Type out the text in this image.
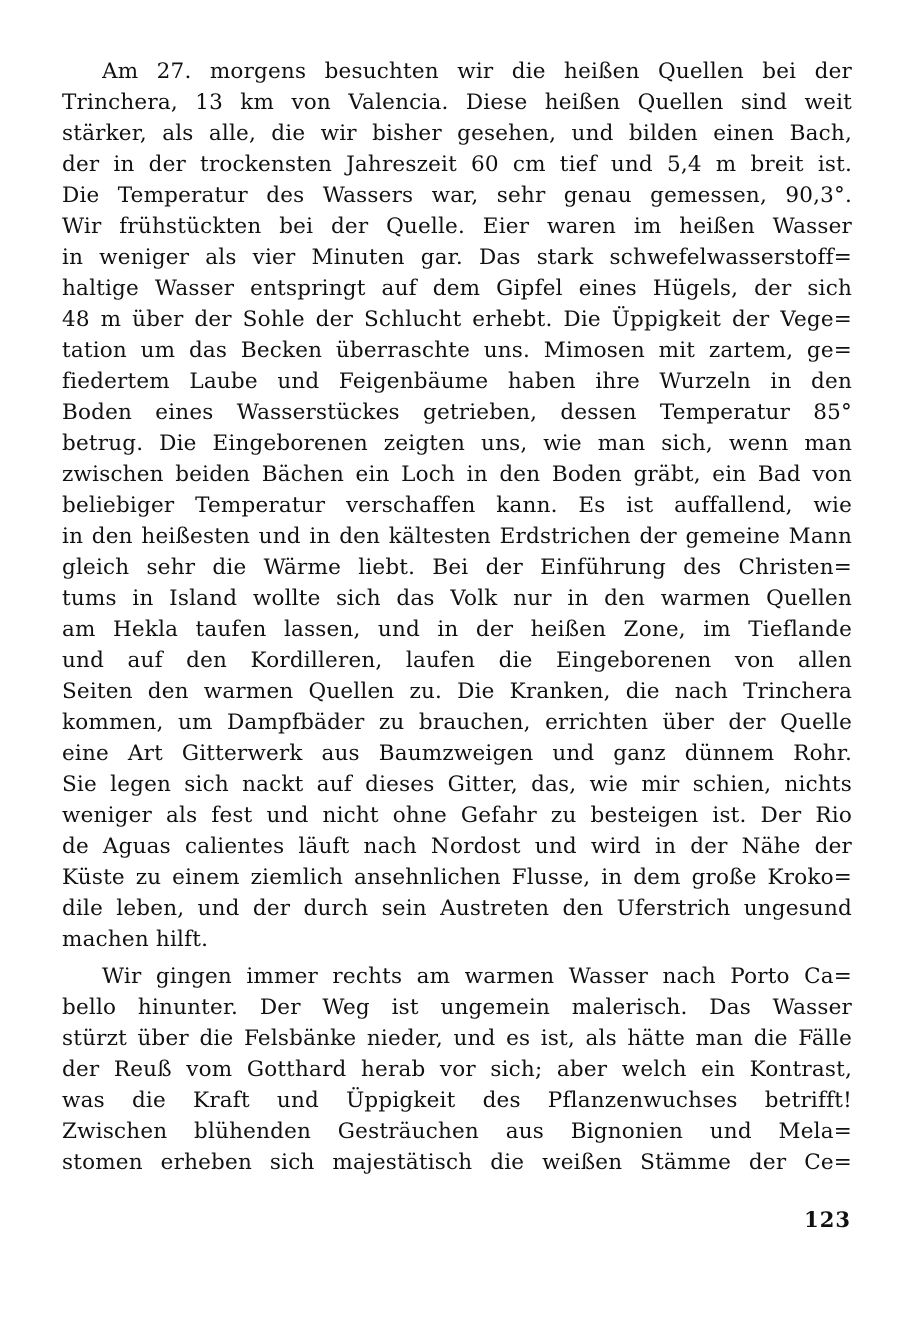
Am 27. morgens besuchten wir die heißen Quellen bei der
Trinchera, 13 km von Valencia. Diese heißen Quellen sind weit
stärker, als alle, die wir bisher gesehen, und bilden einen Bach,
der in der trockensten Jahreszeit 60 cm tief und 5,4 m breit ist.
Die Temperatur des Wassers war, sehr genau gemessen, 90,3°.
Wir frühstückten bei der Quelle. Eier waren im heißen Wasser
in weniger als vier Minuten gar. Das stark schwefelwasserstoff=
haltige Wasser entspringt auf dem Gipfel eines Hügels, der sich
48 m über der Sohle der Schlucht erhebt. Die Üppigkeit der Vege=
tation um das Becken überraschte uns. Mimosen mit zartem, ge=
fiedertem Laube und Feigenbäume haben ihre Wurzeln in den
Boden eines Wasserstückes getrieben, dessen Temperatur 85°
betrug. Die Eingeborenen zeigten uns, wie man sich, wenn man
zwischen beiden Bächen ein Loch in den Boden gräbt, ein Bad von
beliebiger Temperatur verschaffen kann. Es ist auffallend, wie
in den heißesten und in den kältesten Erdstrichen der gemeine Mann
gleich sehr die Wärme liebt. Bei der Einführung des Christen=
tums in Island wollte sich das Volk nur in den warmen Quellen
am Hekla taufen lassen, und in der heißen Zone, im Tieflande
und auf den Kordilleren, laufen die Eingeborenen von allen
Seiten den warmen Quellen zu. Die Kranken, die nach Trinchera
kommen, um Dampfbäder zu brauchen, errichten über der Quelle
eine Art Gitterwerk aus Baumzweigen und ganz dünnem Rohr.
Sie legen sich nackt auf dieses Gitter, das, wie mir schien, nichts
weniger als fest und nicht ohne Gefahr zu besteigen ist. Der Rio
de Aguas calientes läuft nach Nordost und wird in der Nähe der
Küste zu einem ziemlich ansehnlichen Flusse, in dem große Kroko=
dile leben, und der durch sein Austreten den Uferstrich ungesund
machen hilft.
Wir gingen immer rechts am warmen Wasser nach Porto Ca=
bello hinunter. Der Weg ist ungemein malerisch. Das Wasser
stürzt über die Felsbänke nieder, und es ist, als hätte man die Fälle
der Reuß vom Gotthard herab vor sich; aber welch ein Kontrast,
was die Kraft und Üppigkeit des Pflanzenwuchses betrifft!
Zwischen blühenden Gesträuchen aus Bignonien und Mela=
stomen erheben sich majestätisch die weißen Stämme der Ce=
123
